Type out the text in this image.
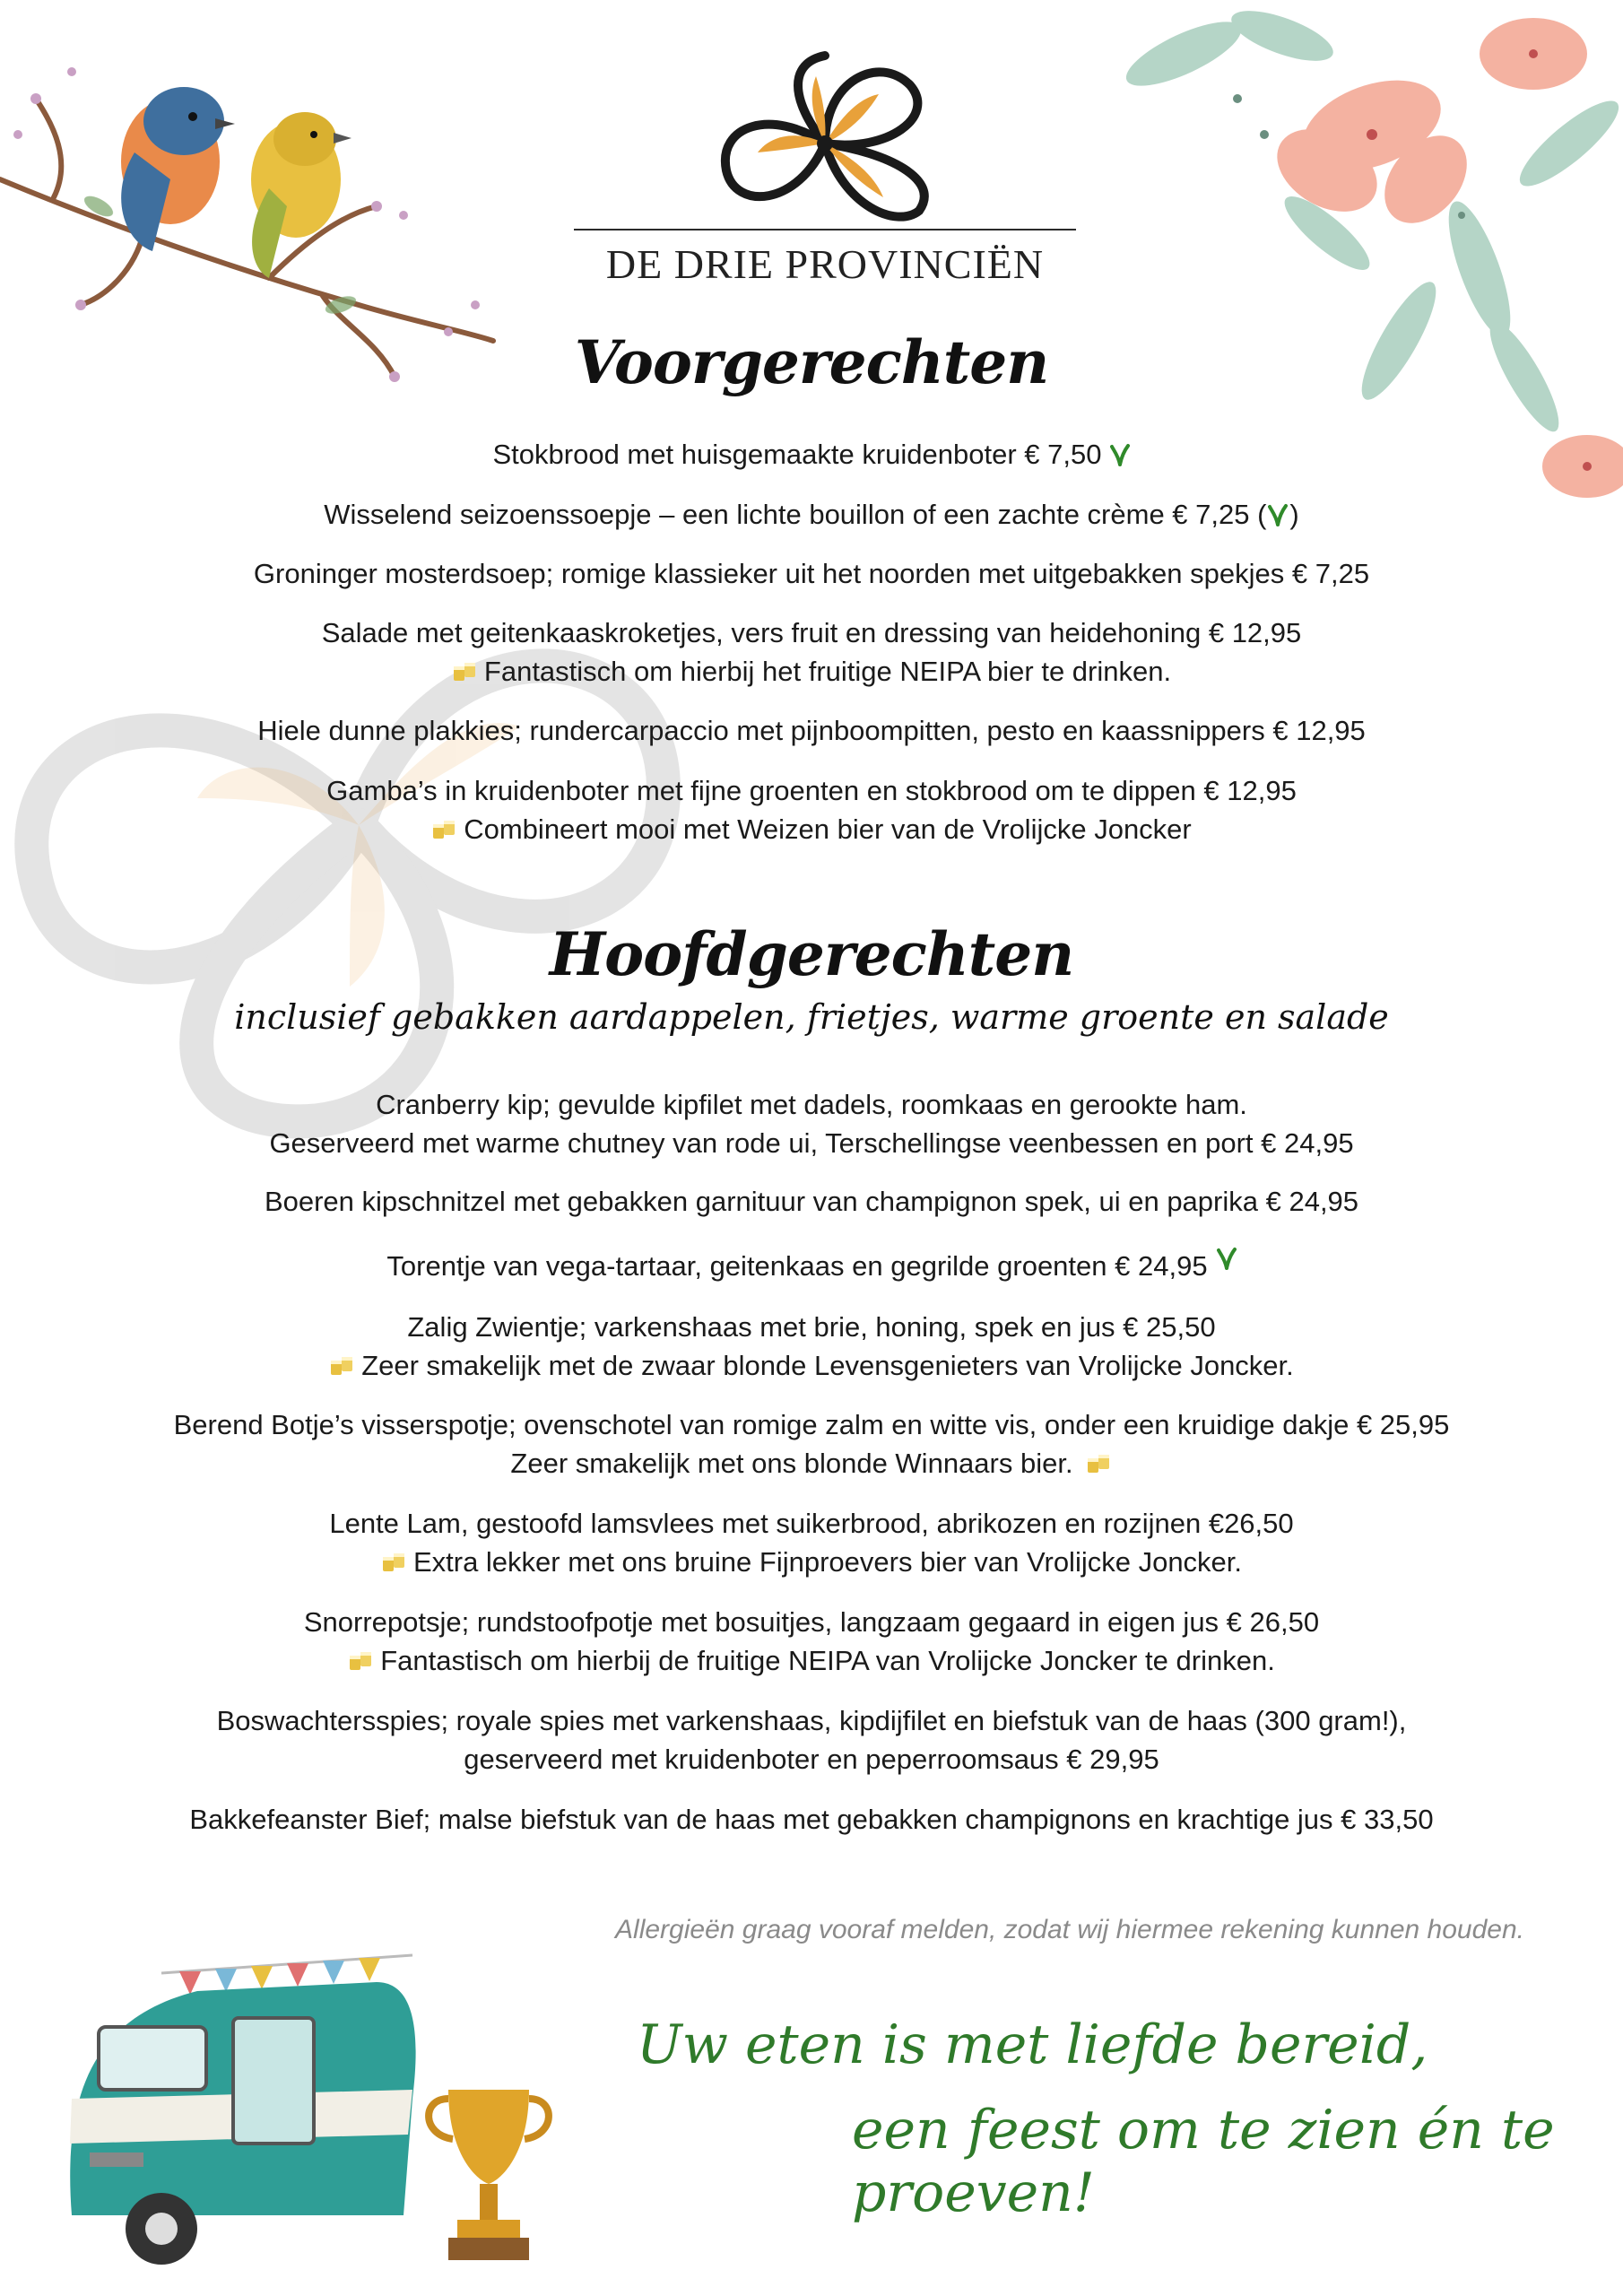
DE DRIE PROVINCIËN
Voorgerechten
Stokbrood met huisgemaakte kruidenboter € 7,50
Wisselend seizoenssoepje – een lichte bouillon of een zachte crème € 7,25 ( )
Groninger mosterdsoep; romige klassieker uit het noorden met uitgebakken spekjes € 7,25
Salade met geitenkaaskroketjes, vers fruit en dressing van heidehoning € 12,95
Fantastisch om hierbij het fruitige NEIPA bier te drinken.
Hiele dunne plakkies; rundercarpaccio met pijnboompitten, pesto en kaassnippers € 12,95
Gamba’s in kruidenboter met fijne groenten en stokbrood om te dippen € 12,95
Combineert mooi met Weizen bier van de Vrolijcke Joncker
Hoofdgerechten
inclusief gebakken aardappelen, frietjes, warme groente en salade
Cranberry kip; gevulde kipfilet met dadels, roomkaas en gerookte ham.
Geserveerd met warme chutney van rode ui, Terschellingse veenbessen en port € 24,95
Boeren kipschnitzel met gebakken garnituur van champignon spek, ui en paprika € 24,95
Torentje van vega-tartaar, geitenkaas en gegrilde groenten € 24,95
Zalig Zwientje; varkenshaas met brie, honing, spek en jus € 25,50
Zeer smakelijk met de zwaar blonde Levensgenieters van Vrolijcke Joncker.
Berend Botje’s visserspotje; ovenschotel van romige zalm en witte vis, onder een kruidige dakje € 25,95
Zeer smakelijk met ons blonde Winnaars bier.
Lente Lam, gestoofd lamsvlees met suikerbrood, abrikozen en rozijnen €26,50
Extra lekker met ons bruine Fijnproevers bier van Vrolijcke Joncker.
Snorrepotsje; rundstoofpotje met bosuitjes, langzaam gegaard in eigen jus € 26,50
Fantastisch om hierbij de fruitige NEIPA van Vrolijcke Joncker te drinken.
Boswachtersspies; royale spies met varkenshaas, kipdijfilet en biefstuk van de haas (300 gram!),
geserveerd met kruidenboter en peperroomsaus € 29,95
Bakkefeanster Bief; malse biefstuk van de haas met gebakken champignons en krachtige jus € 33,50
Allergieën graag vooraf melden, zodat wij hiermee rekening kunnen houden.
Uw eten is met liefde bereid,
een feest om te zien én te proeven!
